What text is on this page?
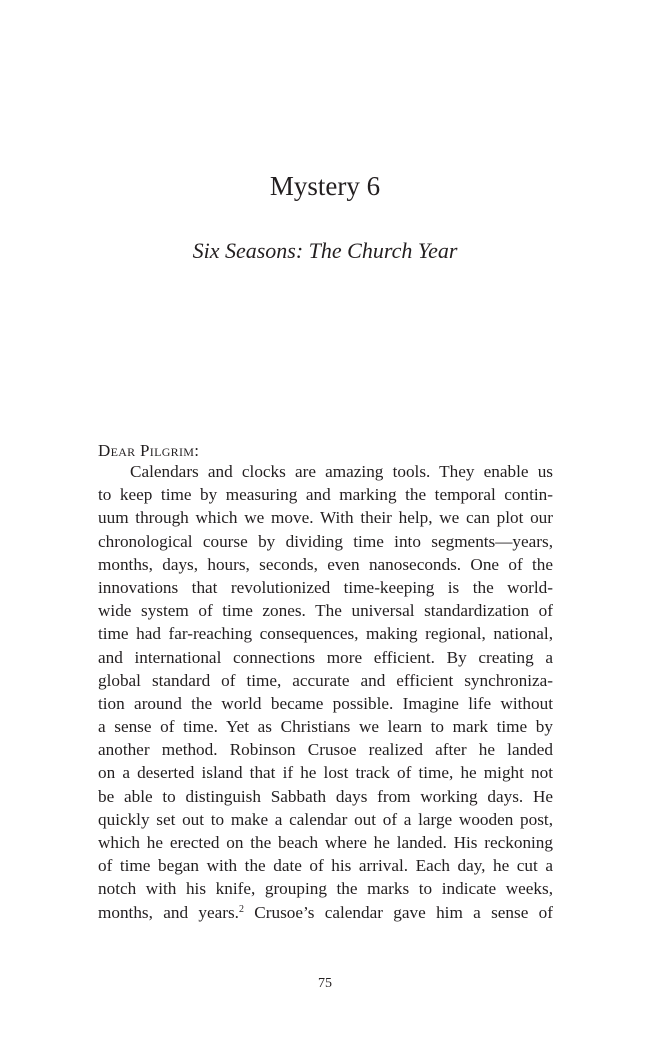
Mystery 6
Six Seasons: The Church Year
Dear Pilgrim:
Calendars and clocks are amazing tools. They enable us
to keep time by measuring and marking the temporal contin-
uum through which we move. With their help, we can plot our
chronological course by dividing time into segments—years,
months, days, hours, seconds, even nanoseconds. One of the
innovations that revolutionized time-keeping is the world-
wide system of time zones. The universal standardization of
time had far-reaching consequences, making regional, national,
and international connections more efficient. By creating a
global standard of time, accurate and efficient synchroniza-
tion around the world became possible. Imagine life without
a sense of time. Yet as Christians we learn to mark time by
another method. Robinson Crusoe realized after he landed
on a deserted island that if he lost track of time, he might not
be able to distinguish Sabbath days from working days. He
quickly set out to make a calendar out of a large wooden post,
which he erected on the beach where he landed. His reckoning
of time began with the date of his arrival. Each day, he cut a
notch with his knife, grouping the marks to indicate weeks,
months, and years.$^2$ Crusoe’s calendar gave him a sense of
75
